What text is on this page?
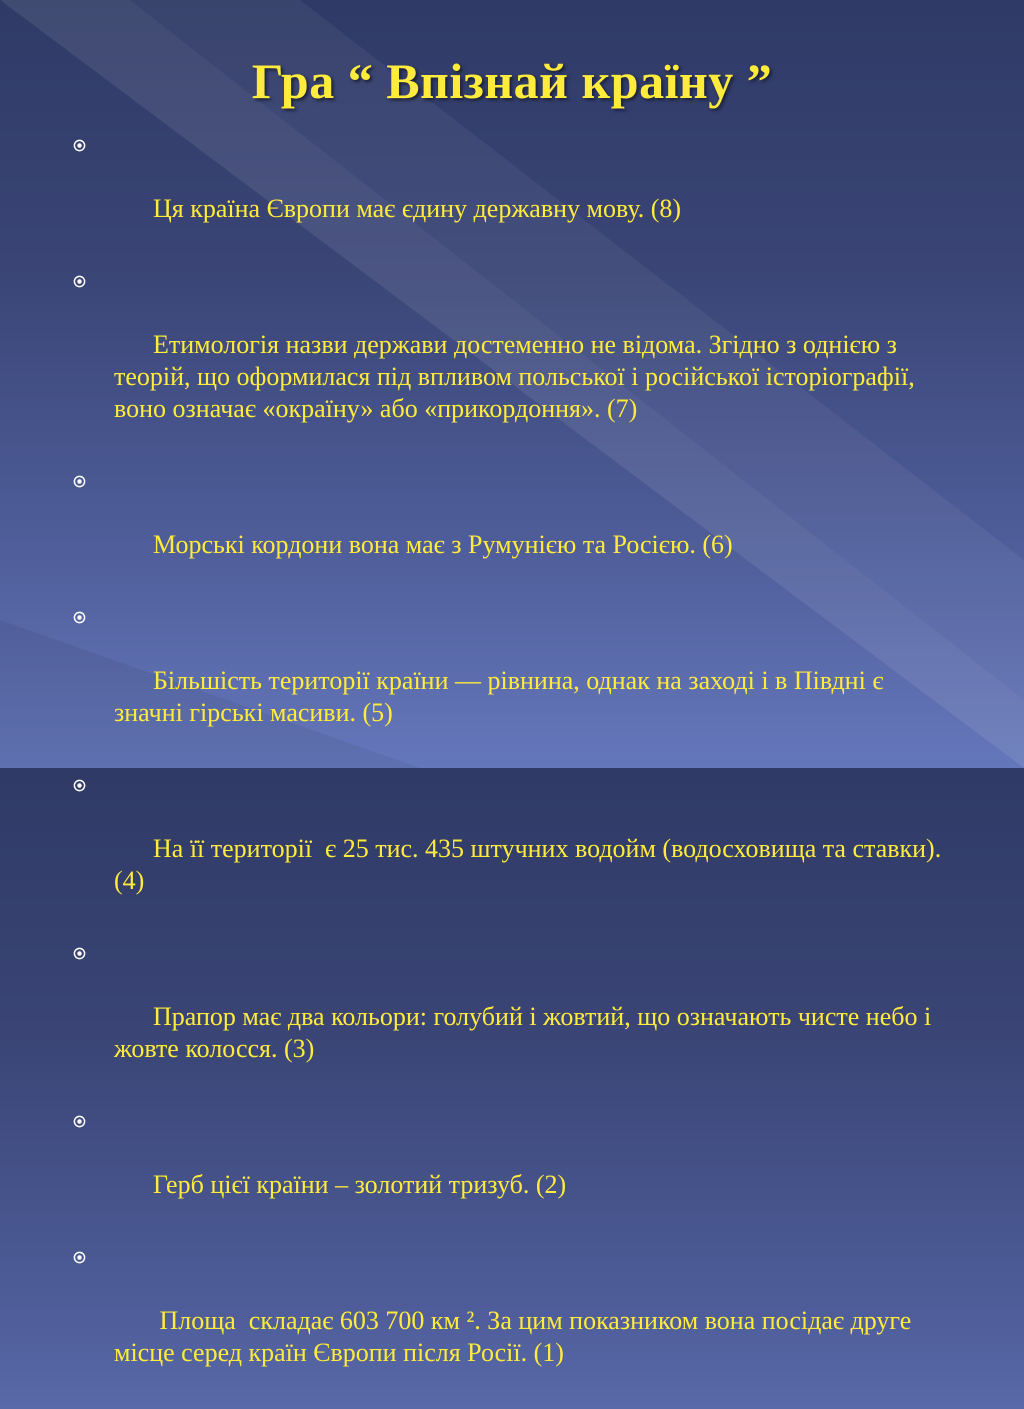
Гра “ Впізнай країну ”

Ця країна Європи має єдину державну мову. (8)

Етимологія назви держави достеменно не відома. Згідно з однією з теорій, що оформилася під впливом польської і російської історіографії, воно означає «окраїну» або «прикордоння». (7)

Морські кордони вона має з Румунією та Росією. (6)

Більшість території країни — рівнина, однак на заході і в Півдні є значні гірські масиви. (5)

На її території  є 25 тис. 435 штучних водойм (водосховища та ставки). (4)

Прапор має два кольори: голубий і жовтий, що означають чисте небо і жовте колосся. (3)

Герб цієї країни – золотий тризуб. (2)

Площа  складає 603 700 км ². За цим показником вона посідає друге місце серед країн Європи після Росії. (1)
